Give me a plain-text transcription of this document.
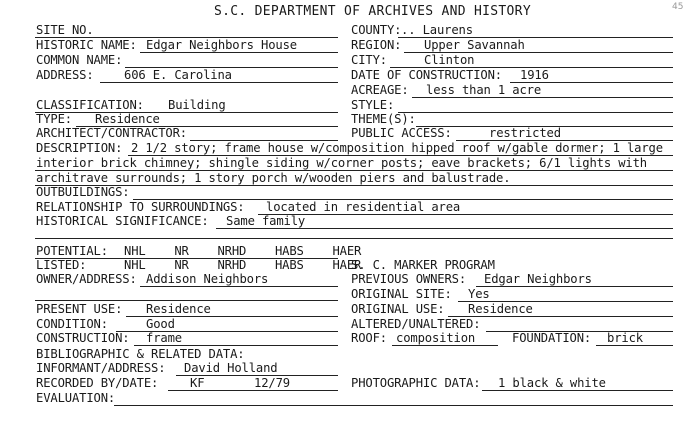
45
S.C. DEPARTMENT OF ARCHIVES AND HISTORY
SITE NO.	COUNTY: .. Laurens
HISTORIC NAME: Edgar Neighbors House	REGION: Upper Savannah
COMMON NAME:	CITY:	Clinton
ADDRESS:	606 E. Carolina	DATE OF CONSTRUCTION: 1916
ACREAGE: less than 1 acre
CLASSIFICATION: Building	STYLE:
TYPE: Residence	THEME(S):
ARCHITECT/CONTRACTOR:	PUBLIC ACCESS:	restricted
DESCRIPTION: 2 1/2 story; frame house w/composition hipped roof w/gable dormer; 1 large
interior brick chimney; shingle siding w/corner posts; eave brackets; 6/1 lights with
architrave surrounds; 1 story porch w/wooden piers and balustrade.
OUTBUILDINGS:
RELATIONSHIP TO SURROUNDINGS: located in residential area
HISTORICAL SIGNIFICANCE: Same family
POTENTIAL: NHL    NR    NRHD    HABS    HAER
LISTED:	NHL    NR    NRHD    HABS    HAER
S. C. MARKER PROGRAM
OWNER/ADDRESS: Addison Neighbors	PREVIOUS OWNERS: Edgar Neighbors
ORIGINAL SITE: Yes
PRESENT USE: Residence	ORIGINAL USE: Residence
CONDITION:	Good	ALTERED/UNALTERED:
CONSTRUCTION: frame	ROOF: composition	FOUNDATION: brick
BIBLIOGRAPHIC & RELATED DATA:
INFORMANT/ADDRESS: David Holland
RECORDED BY/DATE:	KF	12/79	PHOTOGRAPHIC DATA: 1 black & white
EVALUATION:
